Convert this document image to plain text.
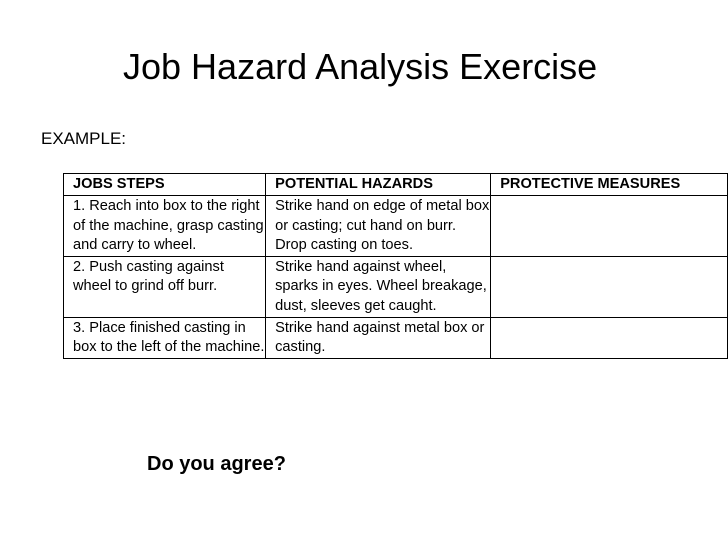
Job Hazard Analysis Exercise
EXAMPLE:
JOBS STEPS	POTENTIAL HAZARDS	PROTECTIVE MEASURES
1. Reach into box to the right of the machine, grasp casting and carry to wheel.	Strike hand on edge of metal box or casting; cut hand on burr. Drop casting on toes.	
2. Push casting against wheel to grind off burr.	Strike hand against wheel, sparks in eyes. Wheel breakage, dust, sleeves get caught.	
3. Place finished casting in box to the left of the machine.	Strike hand against metal box or casting.	
Do you agree?
